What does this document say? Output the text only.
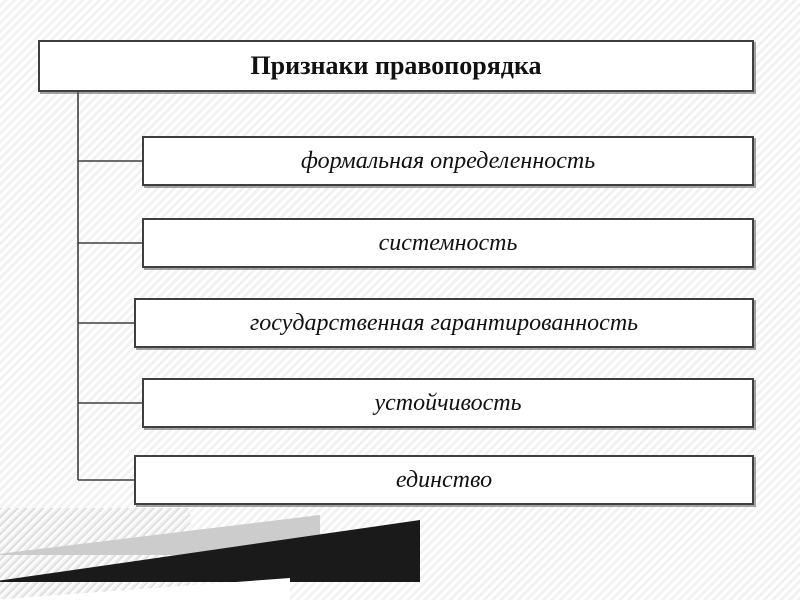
Признаки правопорядка
формальная определенность
системность
государственная гарантированность
устойчивость
единство
